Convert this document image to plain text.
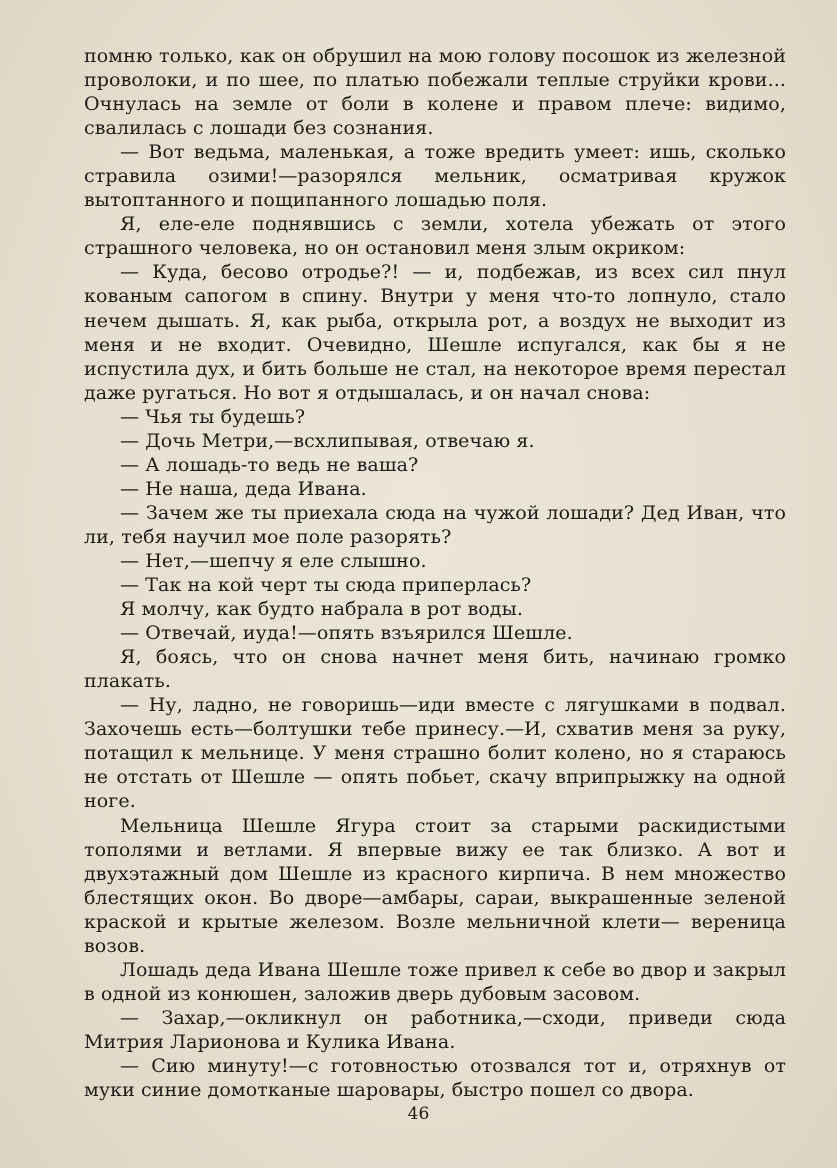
помню только, как он обрушил на мою голову посошок из железной проволоки, и по шее, по платью побежали теплые струйки крови... Очнулась на земле от боли в колене и правом плече: видимо, свалилась с лошади без сознания.

— Вот ведьма, маленькая, а тоже вредить умеет: ишь, сколько стравила озими!—разорялся мельник, осматривая кружок вытоптанного и пощипанного лошадью поля.

Я, еле-еле поднявшись с земли, хотела убежать от этого страшного человека, но он остановил меня злым окриком:

— Куда, бесово отродье?! — и, подбежав, из всех сил пнул кованым сапогом в спину. Внутри у меня что-то лопнуло, стало нечем дышать. Я, как рыба, открыла рот, а воздух не выходит из меня и не входит. Очевидно, Шешле испугался, как бы я не испустила дух, и бить больше не стал, на некоторое время перестал даже ругаться. Но вот я отдышалась, и он начал снова:

— Чья ты будешь?

— Дочь Метри,—всхлипывая, отвечаю я.

— А лошадь-то ведь не ваша?

— Не наша, деда Ивана.

— Зачем же ты приехала сюда на чужой лошади? Дед Иван, что ли, тебя научил мое поле разорять?

— Нет,—шепчу я еле слышно.

— Так на кой черт ты сюда приперлась?

Я молчу, как будто набрала в рот воды.

— Отвечай, иуда!—опять взъярился Шешле.

Я, боясь, что он снова начнет меня бить, начинаю громко плакать.

— Ну, ладно, не говоришь—иди вместе с лягушками в подвал. Захочешь есть—болтушки тебе принесу.—И, схватив меня за руку, потащил к мельнице. У меня страшно болит колено, но я стараюсь не отстать от Шешле — опять побьет, скачу вприпрыжку на одной ноге.

Мельница Шешле Ягура стоит за старыми раскидистыми тополями и ветлами. Я впервые вижу ее так близко. А вот и двухэтажный дом Шешле из красного кирпича. В нем множество блестящих окон. Во дворе—амбары, сараи, выкрашенные зеленой краской и крытые железом. Возле мельничной клети— вереница возов.

Лошадь деда Ивана Шешле тоже привел к себе во двор и закрыл в одной из конюшен, заложив дверь дубовым засовом.

— Захар,—окликнул он работника,—сходи, приведи сюда Митрия Ларионова и Кулика Ивана.

— Сию минуту!—с готовностью отозвался тот и, отряхнув от муки синие домотканые шаровары, быстро пошел со двора.

46
